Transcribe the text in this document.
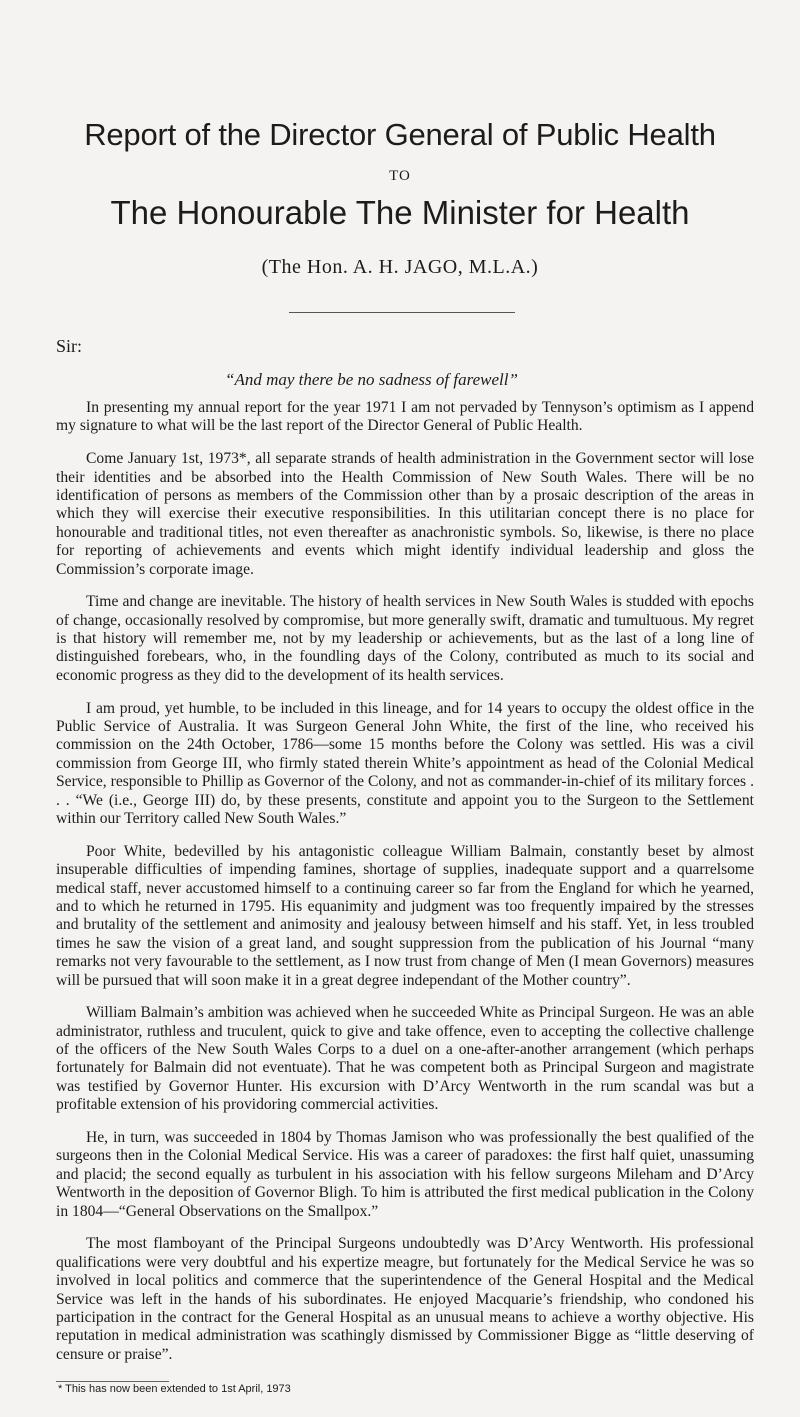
Report of the Director General of Public Health
TO
The Honourable The Minister for Health
(The Hon. A. H. JAGO, M.L.A.)
Sir:
“And may there be no sadness of farewell”

In presenting my annual report for the year 1971 I am not pervaded by Tennyson’s optimism as I append my signature to what will be the last report of the Director General of Public Health.

Come January 1st, 1973*, all separate strands of health administration in the Government sector will lose their identities and be absorbed into the Health Commission of New South Wales. There will be no identification of persons as members of the Commission other than by a prosaic description of the areas in which they will exercise their executive responsibilities. In this utilitarian concept there is no place for honourable and traditional titles, not even thereafter as anachronistic symbols. So, likewise, is there no place for reporting of achievements and events which might identify individual leadership and gloss the Commission’s corporate image.

Time and change are inevitable. The history of health services in New South Wales is studded with epochs of change, occasionally resolved by compromise, but more generally swift, dramatic and tumultuous. My regret is that history will remember me, not by my leadership or achievements, but as the last of a long line of distinguished forebears, who, in the foundling days of the Colony, contributed as much to its social and economic progress as they did to the development of its health services.

I am proud, yet humble, to be included in this lineage, and for 14 years to occupy the oldest office in the Public Service of Australia. It was Surgeon General John White, the first of the line, who received his commission on the 24th October, 1786—some 15 months before the Colony was settled. His was a civil commission from George III, who firmly stated therein White’s appointment as head of the Colonial Medical Service, responsible to Phillip as Governor of the Colony, and not as commander-in-chief of its military forces . . . “We (i.e., George III) do, by these presents, constitute and appoint you to the Surgeon to the Settlement within our Territory called New South Wales.”

Poor White, bedevilled by his antagonistic colleague William Balmain, constantly beset by almost insuperable difficulties of impending famines, shortage of supplies, inadequate support and a quarrelsome medical staff, never accustomed himself to a continuing career so far from the England for which he yearned, and to which he returned in 1795. His equanimity and judgment was too frequently impaired by the stresses and brutality of the settlement and animosity and jealousy between himself and his staff. Yet, in less troubled times he saw the vision of a great land, and sought suppression from the publication of his Journal “many remarks not very favourable to the settlement, as I now trust from change of Men (I mean Governors) measures will be pursued that will soon make it in a great degree independant of the Mother country”.

William Balmain’s ambition was achieved when he succeeded White as Principal Surgeon. He was an able administrator, ruthless and truculent, quick to give and take offence, even to accepting the collective challenge of the officers of the New South Wales Corps to a duel on a one-after-another arrangement (which perhaps fortunately for Balmain did not eventuate). That he was competent both as Principal Surgeon and magistrate was testified by Governor Hunter. His excursion with D’Arcy Wentworth in the rum scandal was but a profitable extension of his providoring commercial activities.

He, in turn, was succeeded in 1804 by Thomas Jamison who was professionally the best qualified of the surgeons then in the Colonial Medical Service. His was a career of paradoxes: the first half quiet, unassuming and placid; the second equally as turbulent in his association with his fellow surgeons Mileham and D’Arcy Wentworth in the deposition of Governor Bligh. To him is attributed the first medical publication in the Colony in 1804—“General Observations on the Smallpox.”

The most flamboyant of the Principal Surgeons undoubtedly was D’Arcy Wentworth. His professional qualifications were very doubtful and his expertize meagre, but fortunately for the Medical Service he was so involved in local politics and commerce that the superintendence of the General Hospital and the Medical Service was left in the hands of his subordinates. He enjoyed Macquarie’s friendship, who condoned his participation in the contract for the General Hospital as an unusual means to achieve a worthy objective. His reputation in medical administration was scathingly dismissed by Commissioner Bigge as “little deserving of censure or praise”.

* This has now been extended to 1st April, 1973
